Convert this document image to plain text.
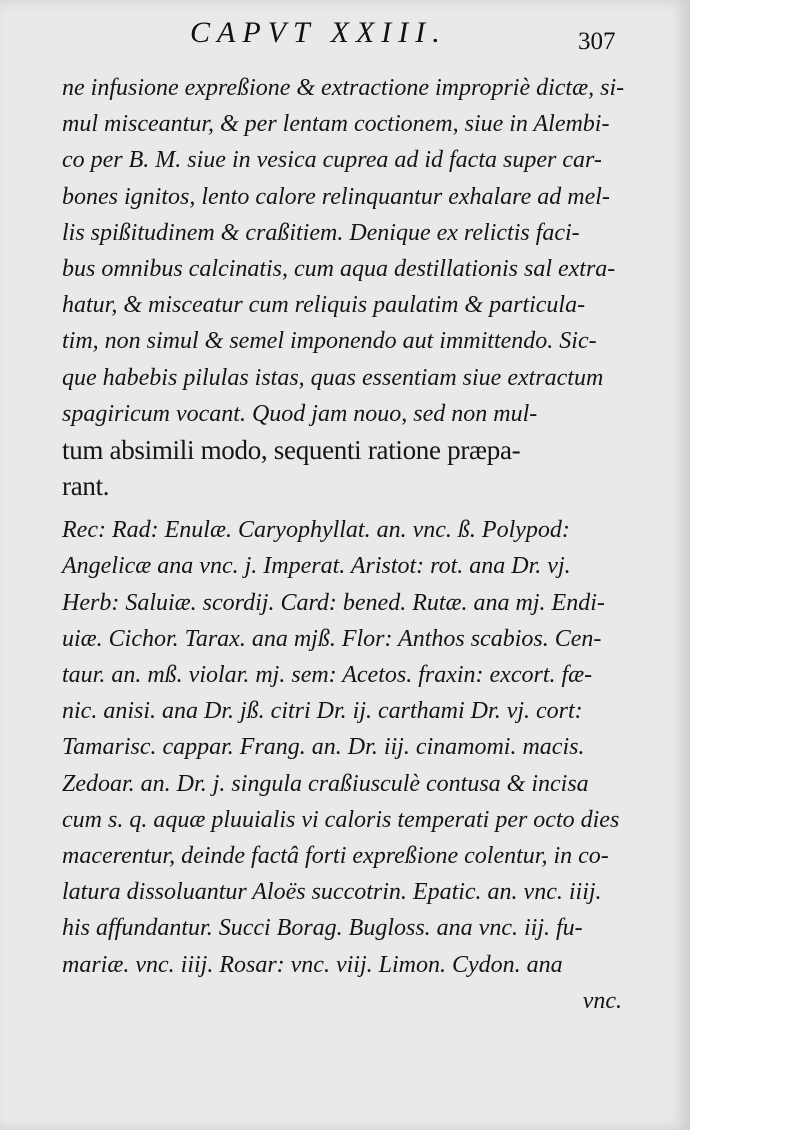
CAPVT XXIII.	307
ne infusione expreßione & extractione impropriè dictæ, si-
mul misceantur, & per lentam coctionem, siue in Alembi-
co per B. M. siue in vesica cuprea ad id facta super car-
bones ignitos, lento calore relinquantur exhalare ad mel-
lis spißitudinem & craßitiem. Denique ex relictis faci-
bus omnibus calcinatis, cum aqua destillationis sal extra-
hatur, & misceatur cum reliquis paulatim & particula-
tim, non simul & semel imponendo aut immittendo. Sic-
que habebis pilulas istas, quas essentiam siue extractum
spagiricum vocant. Quod jam nouo, sed non mul-
tum absimili modo, sequenti ratione præpa-
rant.
Rec: Rad: Enulæ. Caryophyllat. an. vnc. ß. Polypod:
Angelicæ ana vnc. j. Imperat. Aristot: rot. ana Dr. vj.
Herb: Saluiæ. scordij. Card: bened. Rutæ. ana mj. Endi-
uiæ. Cichor. Tarax. ana mjß. Flor: Anthos scabios. Cen-
taur. an. mß. violar. mj. sem: Acetos. fraxin: excort. fæ-
nic. anisi. ana Dr. jß. citri Dr. ij. carthami Dr. vj. cort:
Tamarisc. cappar. Frang. an. Dr. iij. cinamomi. macis.
Zedoar. an. Dr. j. singula craßiusculè contusa & incisa
cum s. q. aquæ pluuialis vi caloris temperati per octo dies
macerentur, deinde factâ forti expreßione colentur, in co-
latura dissoluantur Aloës succotrin. Epatic. an. vnc. iiij.
his affundantur. Succi Borag. Bugloss. ana vnc. iij. fu-
mariæ. vnc. iiij. Rosar: vnc. viij. Limon. Cydon. ana
vnc.
